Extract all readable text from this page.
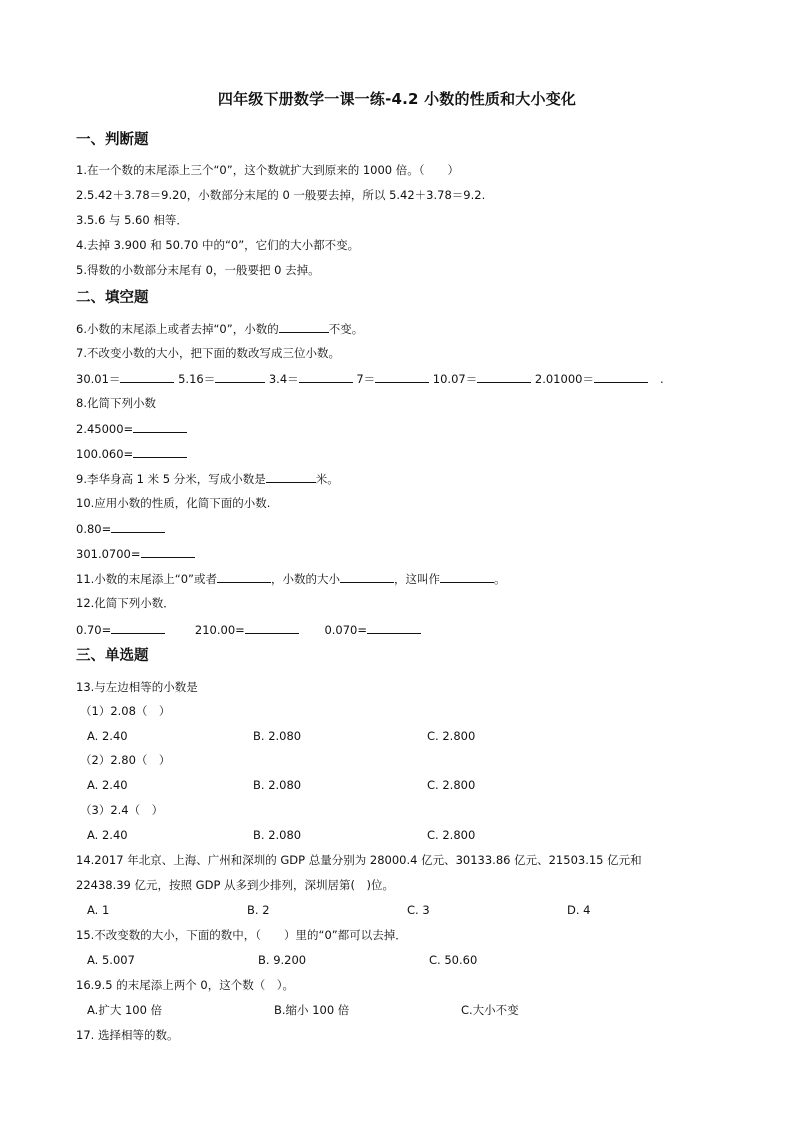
四年级下册数学一课一练-4.2 小数的性质和大小变化
一、判断题
1.在一个数的末尾添上三个“0”，这个数就扩大到原来的 1000 倍。（　　）
2.5.42＋3.78＝9.20，小数部分末尾的 0 一般要去掉，所以 5.42＋3.78＝9.2.
3.5.6 与 5.60 相等．
4.去掉 3.900 和 50.70 中的“0”，它们的大小都不变。
5.得数的小数部分末尾有 0，一般要把 0 去掉。
二、填空题
6.小数的末尾添上或者去掉“0”，小数的	不变。
7.不改变小数的大小，把下面的数改写成三位小数。
30.01＝	5.16＝	3.4＝	7＝	10.07＝	2.01000＝	.
8.化简下列小数
2.45000=
100.060=
9.李华身高 1 米 5 分米，写成小数是	米。
10.应用小数的性质，化简下面的小数.
0.80=
301.0700=
11.小数的末尾添上“0”或者	，小数的大小	，这叫作	。
12.化简下列小数．
0.70=	210.00=	0.070=
三、单选题
13.与左边相等的小数是
（1）2.08（　）
A. 2.40	B. 2.080	C. 2.800
（2）2.80（　）
A. 2.40	B. 2.080	C. 2.800
（3）2.4（　）
A. 2.40	B. 2.080	C. 2.800
14.2017 年北京、上海、广州和深圳的 GDP 总量分别为 28000.4 亿元、30133.86 亿元、21503.15 亿元和
22438.39 亿元，按照 GDP 从多到少排列，深圳居第(　)位。
A. 1	B. 2	C. 3	D. 4
15.不改变数的大小，下面的数中，（　　）里的“0”都可以去掉．
A. 5.007	B. 9.200	C. 50.60
16.9.5 的末尾添上两个 0，这个数（　）。
A.扩大 100 倍	B.缩小 100 倍	C.大小不变
17. 选择相等的数。
